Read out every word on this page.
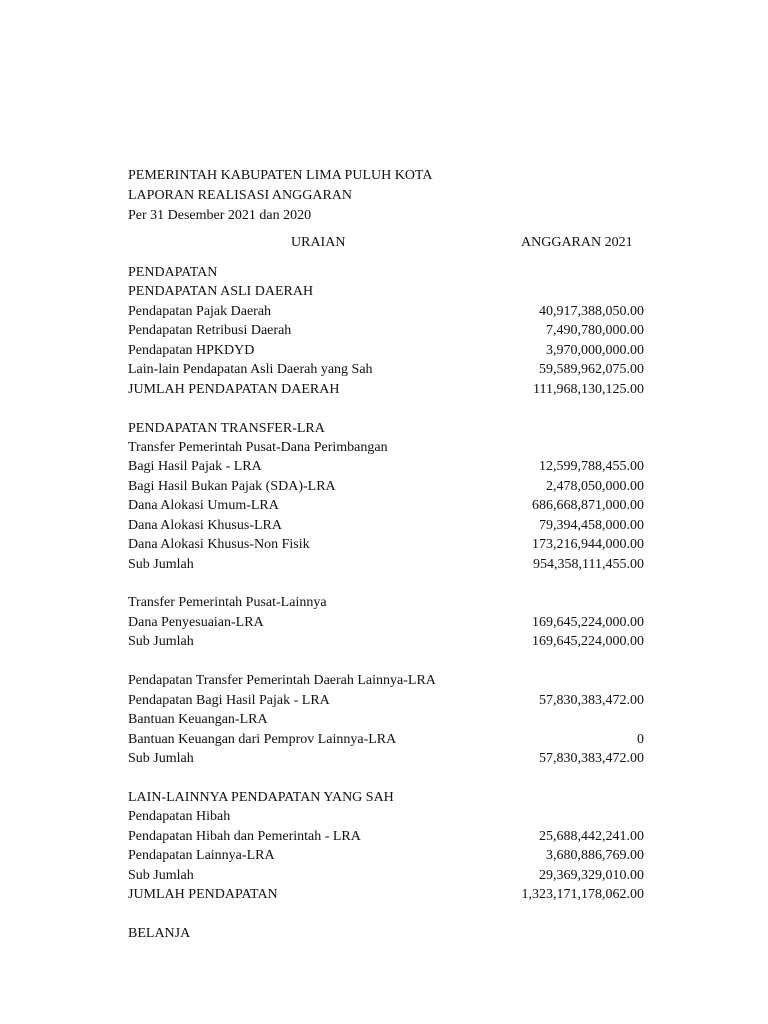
PEMERINTAH KABUPATEN LIMA PULUH KOTA
LAPORAN REALISASI ANGGARAN
Per 31 Desember 2021 dan 2020
URAIAN	ANGGARAN 2021
PENDAPATAN
PENDAPATAN ASLI DAERAH
Pendapatan Pajak Daerah	40,917,388,050.00
Pendapatan Retribusi Daerah	7,490,780,000.00
Pendapatan HPKDYD	3,970,000,000.00
Lain-lain Pendapatan Asli Daerah yang Sah	59,589,962,075.00
JUMLAH PENDAPATAN DAERAH	111,968,130,125.00
PENDAPATAN TRANSFER-LRA
Transfer Pemerintah Pusat-Dana Perimbangan
Bagi Hasil Pajak - LRA	12,599,788,455.00
Bagi Hasil Bukan Pajak (SDA)-LRA	2,478,050,000.00
Dana Alokasi Umum-LRA	686,668,871,000.00
Dana Alokasi Khusus-LRA	79,394,458,000.00
Dana Alokasi Khusus-Non Fisik	173,216,944,000.00
Sub Jumlah	954,358,111,455.00
Transfer Pemerintah Pusat-Lainnya
Dana Penyesuaian-LRA	169,645,224,000.00
Sub Jumlah	169,645,224,000.00
Pendapatan Transfer Pemerintah Daerah Lainnya-LRA
Pendapatan Bagi Hasil Pajak - LRA	57,830,383,472.00
Bantuan Keuangan-LRA
Bantuan Keuangan dari Pemprov Lainnya-LRA	0
Sub Jumlah	57,830,383,472.00
LAIN-LAINNYA PENDAPATAN YANG SAH
Pendapatan Hibah
Pendapatan Hibah dan Pemerintah - LRA	25,688,442,241.00
Pendapatan Lainnya-LRA	3,680,886,769.00
Sub Jumlah	29,369,329,010.00
JUMLAH PENDAPATAN	1,323,171,178,062.00
BELANJA
